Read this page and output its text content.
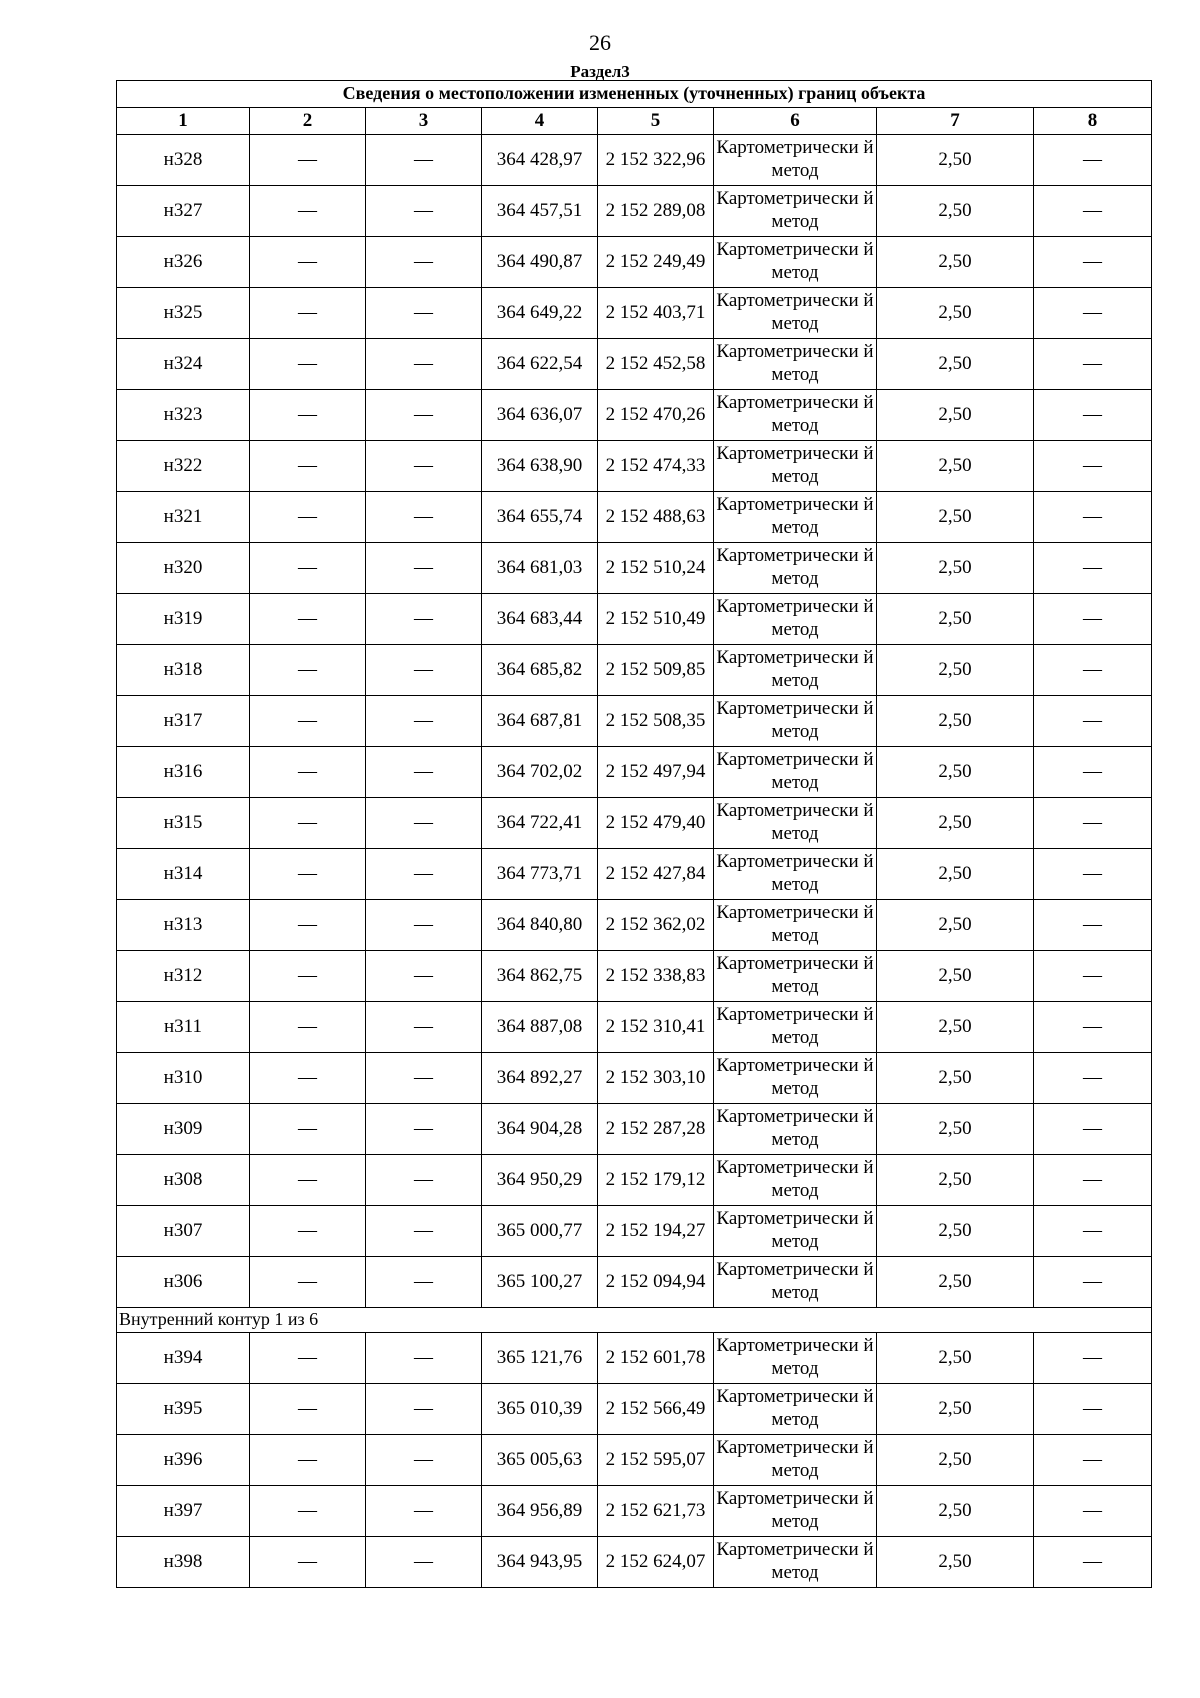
26
Раздел3
Сведения о местоположении измененных (уточненных) границ объекта							
1	2	3	4	5	6	7	8
н328	—	—	364 428,97	2 152 322,96	Картометрически й метод	2,50	—
н327	—	—	364 457,51	2 152 289,08	Картометрически й метод	2,50	—
н326	—	—	364 490,87	2 152 249,49	Картометрически й метод	2,50	—
н325	—	—	364 649,22	2 152 403,71	Картометрически й метод	2,50	—
н324	—	—	364 622,54	2 152 452,58	Картометрически й метод	2,50	—
н323	—	—	364 636,07	2 152 470,26	Картометрически й метод	2,50	—
н322	—	—	364 638,90	2 152 474,33	Картометрически й метод	2,50	—
н321	—	—	364 655,74	2 152 488,63	Картометрически й метод	2,50	—
н320	—	—	364 681,03	2 152 510,24	Картометрически й метод	2,50	—
н319	—	—	364 683,44	2 152 510,49	Картометрически й метод	2,50	—
н318	—	—	364 685,82	2 152 509,85	Картометрически й метод	2,50	—
н317	—	—	364 687,81	2 152 508,35	Картометрически й метод	2,50	—
н316	—	—	364 702,02	2 152 497,94	Картометрически й метод	2,50	—
н315	—	—	364 722,41	2 152 479,40	Картометрически й метод	2,50	—
н314	—	—	364 773,71	2 152 427,84	Картометрически й метод	2,50	—
н313	—	—	364 840,80	2 152 362,02	Картометрически й метод	2,50	—
н312	—	—	364 862,75	2 152 338,83	Картометрически й метод	2,50	—
н311	—	—	364 887,08	2 152 310,41	Картометрически й метод	2,50	—
н310	—	—	364 892,27	2 152 303,10	Картометрически й метод	2,50	—
н309	—	—	364 904,28	2 152 287,28	Картометрически й метод	2,50	—
н308	—	—	364 950,29	2 152 179,12	Картометрически й метод	2,50	—
н307	—	—	365 000,77	2 152 194,27	Картометрически й метод	2,50	—
н306	—	—	365 100,27	2 152 094,94	Картометрически й метод	2,50	—
Внутренний контур 1 из 6							
н394	—	—	365 121,76	2 152 601,78	Картометрически й метод	2,50	—
н395	—	—	365 010,39	2 152 566,49	Картометрически й метод	2,50	—
н396	—	—	365 005,63	2 152 595,07	Картометрически й метод	2,50	—
н397	—	—	364 956,89	2 152 621,73	Картометрически й метод	2,50	—
н398	—	—	364 943,95	2 152 624,07	Картометрически й метод	2,50	—
